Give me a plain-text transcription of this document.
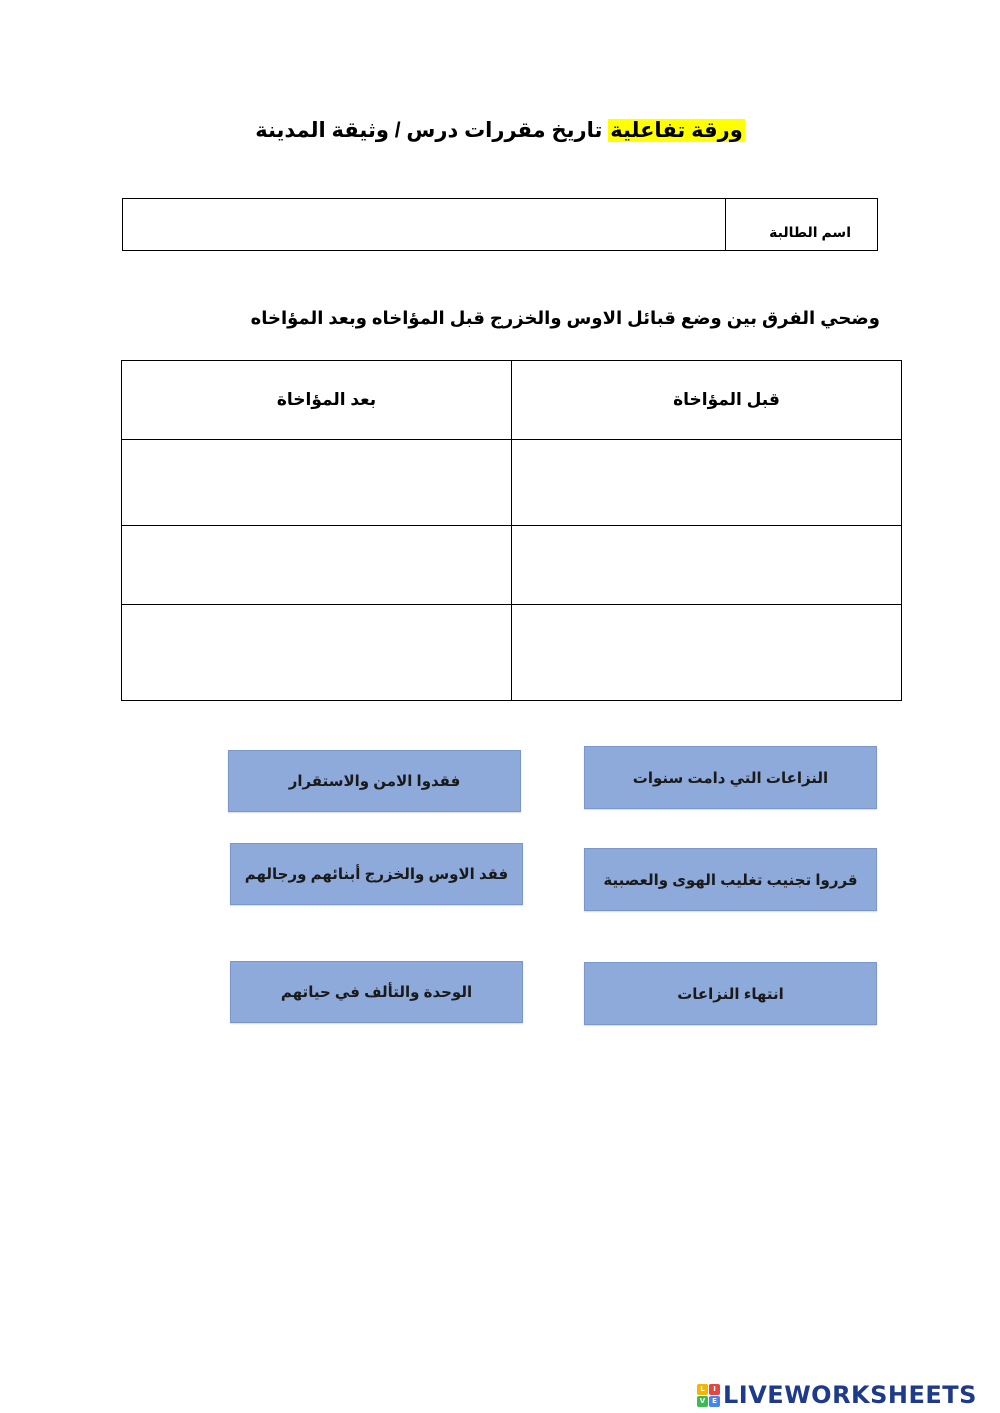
ورقة تفاعلية تاريخ مقررات درس / وثيقة المدينة
اسم الطالبة
وضحي الفرق بين وضع قبائل الاوس والخزرج قبل المؤاخاه وبعد المؤاخاه
قبل المؤاخاة	بعد المؤاخاة

النزاعات التي دامت سنوات
فقدوا الامن والاستقرار
قرروا تجنيب تغليب الهوى والعصبية
فقد الاوس والخزرج أبنائهم ورجالهم
انتهاء النزاعات
الوحدة والتألف في حياتهم
L	I
V E LIVEWORKSHEETS
